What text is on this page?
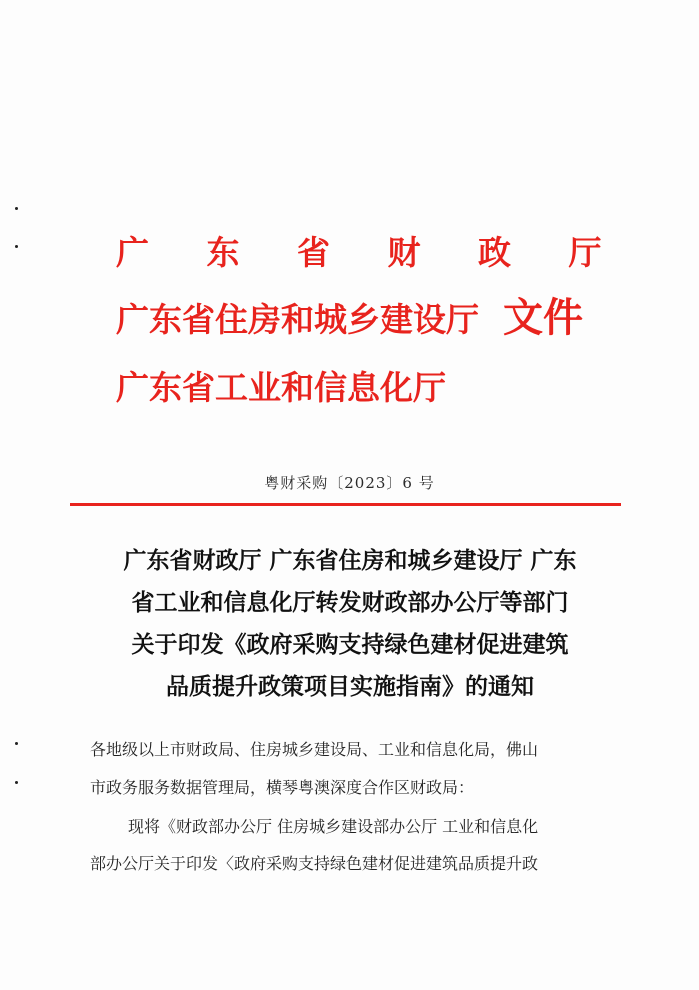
广 东 省 财 政 厅
广东省住房和城乡建设厅 文件
广东省工业和信息化厅
粤财采购〔2023〕6 号
广东省财政厅 广东省住房和城乡建设厅 广东
省工业和信息化厅转发财政部办公厅等部门
关于印发《政府采购支持绿色建材促进建筑
品质提升政策项目实施指南》的通知
各地级以上市财政局、住房城乡建设局、工业和信息化局，佛山
市政务服务数据管理局，横琴粤澳深度合作区财政局：
现将《财政部办公厅 住房城乡建设部办公厅 工业和信息化
部办公厅关于印发〈政府采购支持绿色建材促进建筑品质提升政
